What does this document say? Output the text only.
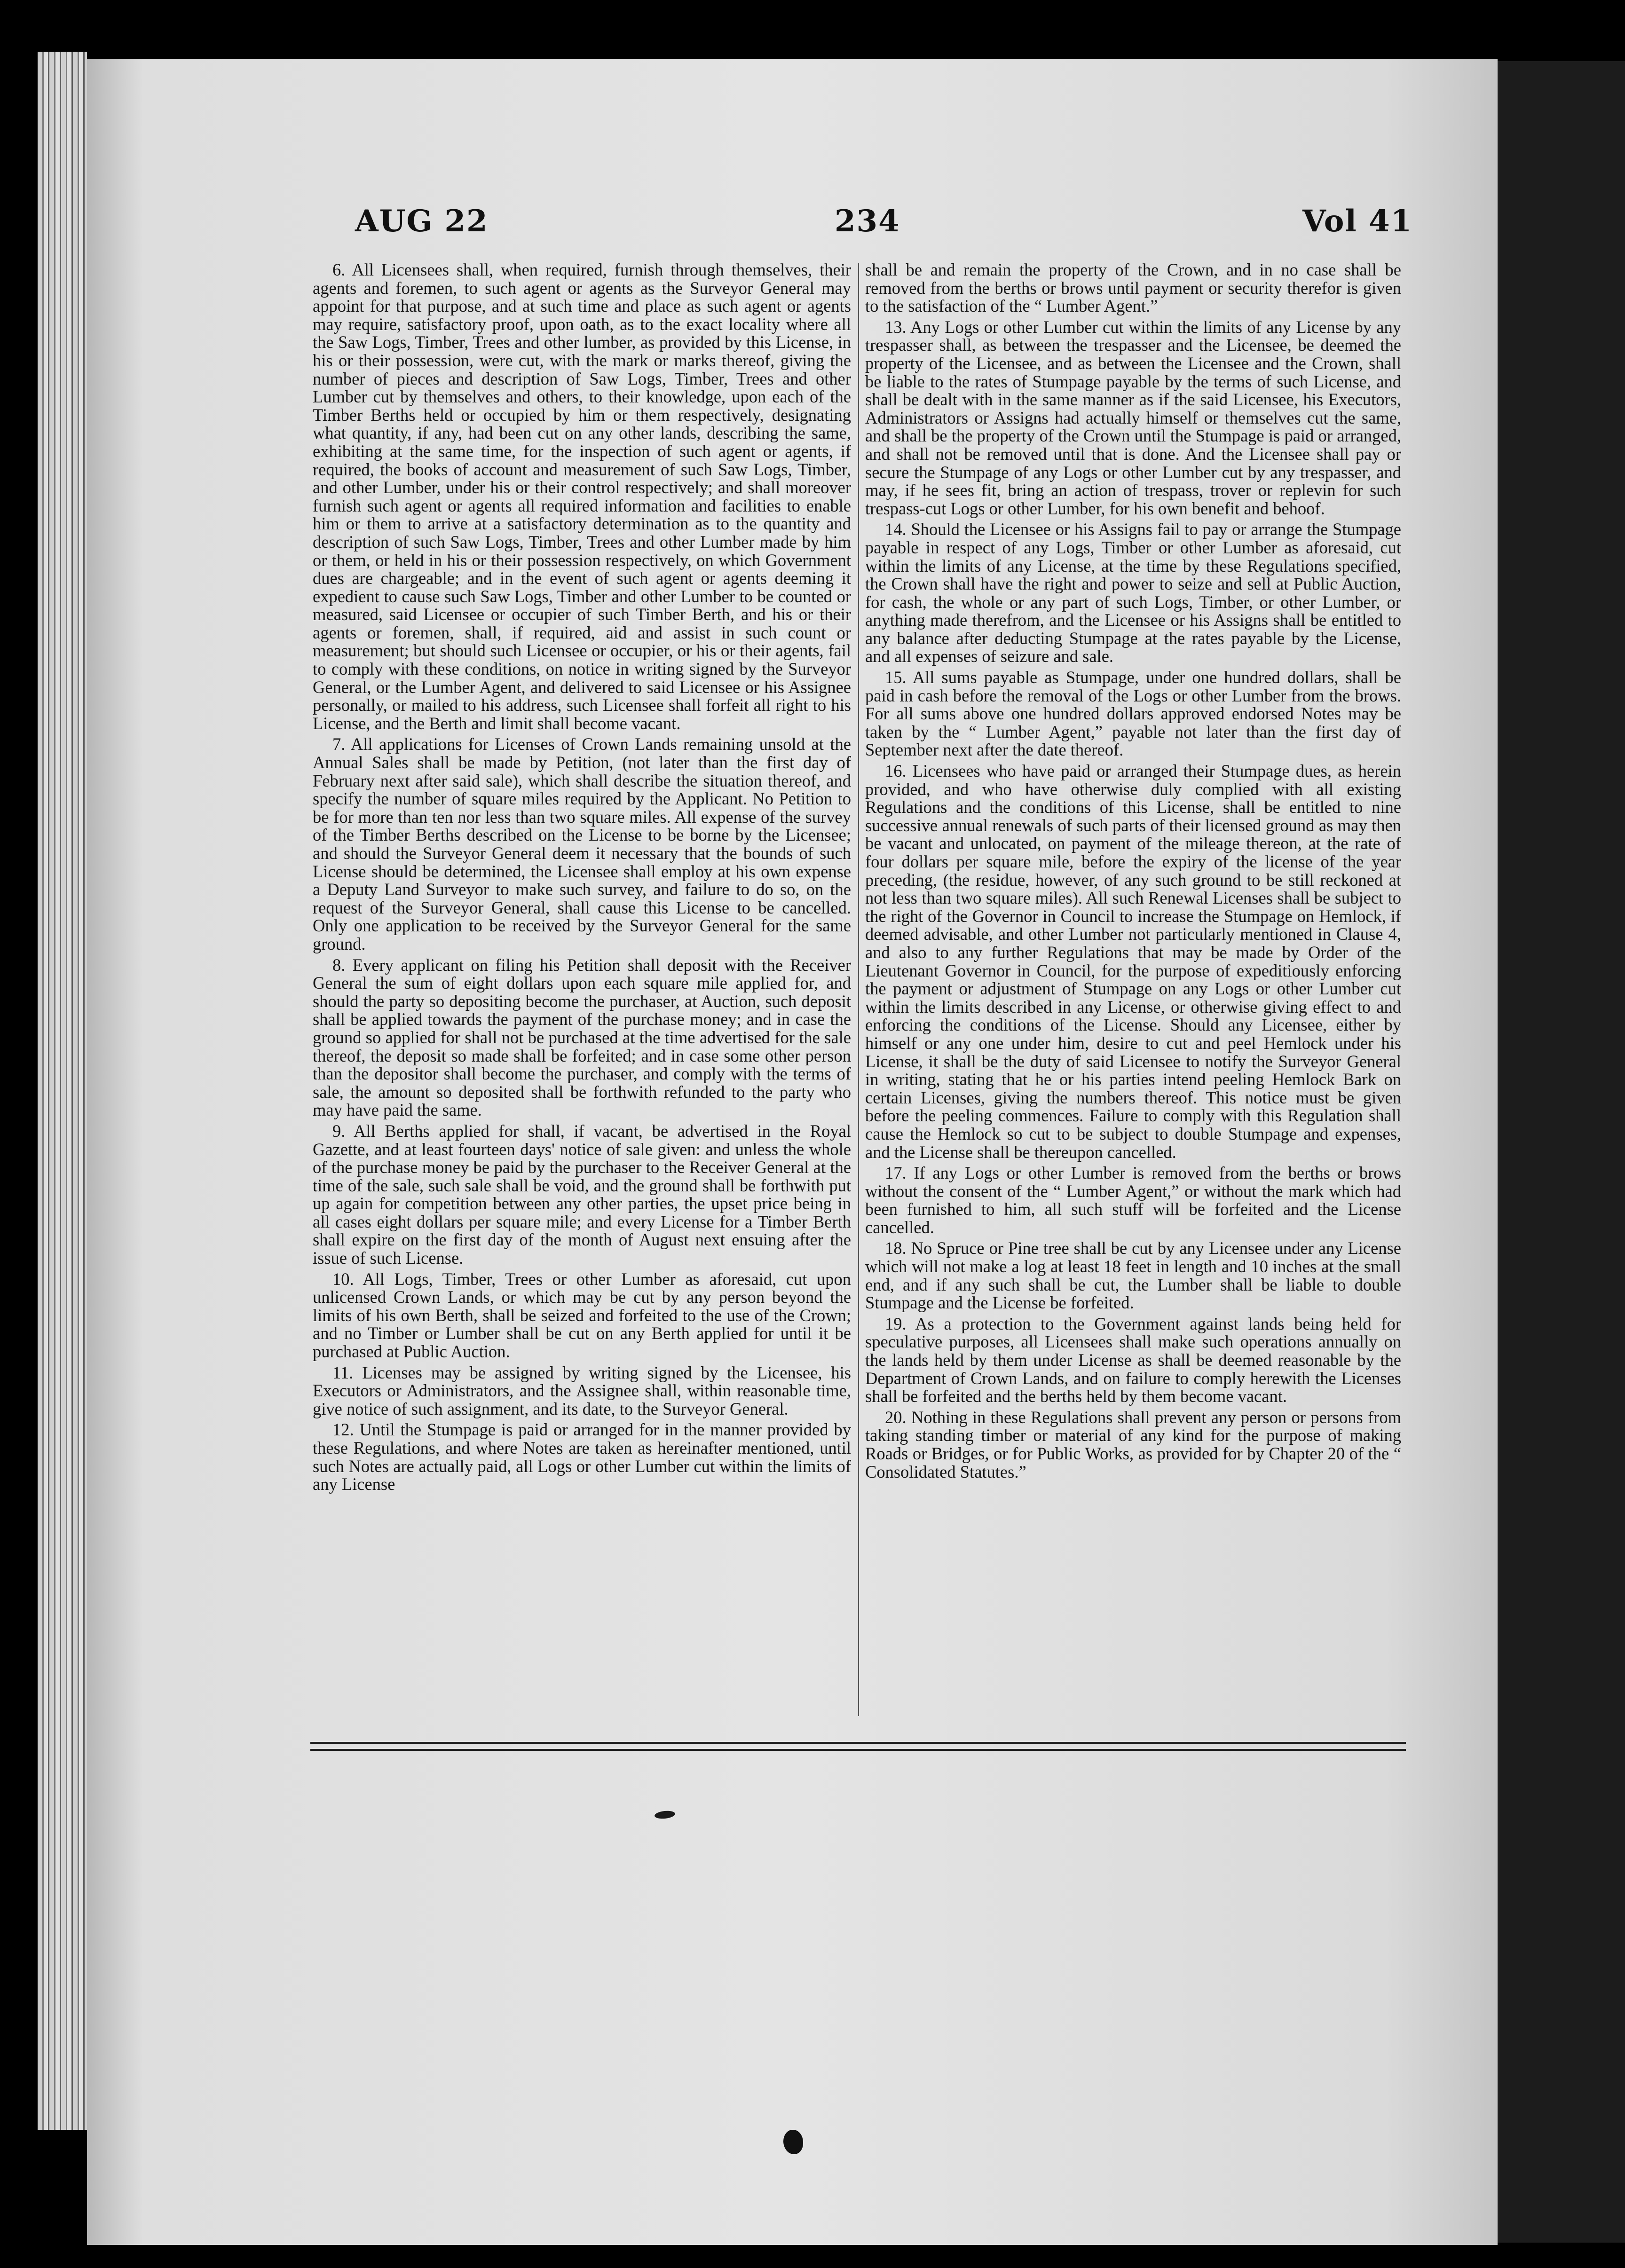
AUG 22	234	Vol 41

6. All Licensees shall, when required, furnish through themselves, their agents and foremen, to such agent or agents as the Surveyor General may appoint for that purpose, and at such time and place as such agent or agents may require, satisfactory proof, upon oath, as to the exact locality where all the Saw Logs, Timber, Trees and other lumber, as provided by this License, in his or their possession, were cut, with the mark or marks thereof, giving the number of pieces and description of Saw Logs, Timber, Trees and other Lumber cut by themselves and others, to their knowledge, upon each of the Timber Berths held or occupied by him or them respectively, designating what quantity, if any, had been cut on any other lands, describing the same, exhibiting at the same time, for the inspection of such agent or agents, if required, the books of account and measurement of such Saw Logs, Timber, and other Lumber, under his or their control respectively; and shall moreover furnish such agent or agents all required information and facilities to enable him or them to arrive at a satisfactory determination as to the quantity and description of such Saw Logs, Timber, Trees and other Lumber made by him or them, or held in his or their possession respectively, on which Government dues are chargeable; and in the event of such agent or agents deeming it expedient to cause such Saw Logs, Timber and other Lumber to be counted or measured, said Licensee or occupier of such Timber Berth, and his or their agents or foremen, shall, if required, aid and assist in such count or measurement; but should such Licensee or occupier, or his or their agents, fail to comply with these conditions, on notice in writing signed by the Surveyor General, or the Lumber Agent, and delivered to said Licensee or his Assignee personally, or mailed to his address, such Licensee shall forfeit all right to his License, and the Berth and limit shall become vacant.

7. All applications for Licenses of Crown Lands remaining unsold at the Annual Sales shall be made by Petition, (not later than the first day of February next after said sale), which shall describe the situation thereof, and specify the number of square miles required by the Applicant. No Petition to be for more than ten nor less than two square miles. All expense of the survey of the Timber Berths described on the License to be borne by the Licensee; and should the Surveyor General deem it necessary that the bounds of such License should be determined, the Licensee shall employ at his own expense a Deputy Land Surveyor to make such survey, and failure to do so, on the request of the Surveyor General, shall cause this License to be cancelled. Only one application to be received by the Surveyor General for the same ground.

8. Every applicant on filing his Petition shall deposit with the Receiver General the sum of eight dollars upon each square mile applied for, and should the party so depositing become the purchaser, at Auction, such deposit shall be applied towards the payment of the purchase money; and in case the ground so applied for shall not be purchased at the time advertised for the sale thereof, the deposit so made shall be forfeited; and in case some other person than the depositor shall become the purchaser, and comply with the terms of sale, the amount so deposited shall be forthwith refunded to the party who may have paid the same.

9. All Berths applied for shall, if vacant, be advertised in the Royal Gazette, and at least fourteen days' notice of sale given: and unless the whole of the purchase money be paid by the purchaser to the Receiver General at the time of the sale, such sale shall be void, and the ground shall be forthwith put up again for competition between any other parties, the upset price being in all cases eight dollars per square mile; and every License for a Timber Berth shall expire on the first day of the month of August next ensuing after the issue of such License.

10. All Logs, Timber, Trees or other Lumber as aforesaid, cut upon unlicensed Crown Lands, or which may be cut by any person beyond the limits of his own Berth, shall be seized and forfeited to the use of the Crown; and no Timber or Lumber shall be cut on any Berth applied for until it be purchased at Public Auction.

11. Licenses may be assigned by writing signed by the Licensee, his Executors or Administrators, and the Assignee shall, within reasonable time, give notice of such assignment, and its date, to the Surveyor General.

12. Until the Stumpage is paid or arranged for in the manner provided by these Regulations, and where Notes are taken as hereinafter mentioned, until such Notes are actually paid, all Logs or other Lumber cut within the limits of any License

shall be and remain the property of the Crown, and in no case shall be removed from the berths or brows until payment or security therefor is given to the satisfaction of the “ Lumber Agent.”

13. Any Logs or other Lumber cut within the limits of any License by any trespasser shall, as between the trespasser and the Licensee, be deemed the property of the Licensee, and as between the Licensee and the Crown, shall be liable to the rates of Stumpage payable by the terms of such License, and shall be dealt with in the same manner as if the said Licensee, his Executors, Administrators or Assigns had actually himself or themselves cut the same, and shall be the property of the Crown until the Stumpage is paid or arranged, and shall not be removed until that is done. And the Licensee shall pay or secure the Stumpage of any Logs or other Lumber cut by any trespasser, and may, if he sees fit, bring an action of trespass, trover or replevin for such trespass-cut Logs or other Lumber, for his own benefit and behoof.

14. Should the Licensee or his Assigns fail to pay or arrange the Stumpage payable in respect of any Logs, Timber or other Lumber as aforesaid, cut within the limits of any License, at the time by these Regulations specified, the Crown shall have the right and power to seize and sell at Public Auction, for cash, the whole or any part of such Logs, Timber, or other Lumber, or anything made therefrom, and the Licensee or his Assigns shall be entitled to any balance after deducting Stumpage at the rates payable by the License, and all expenses of seizure and sale.

15. All sums payable as Stumpage, under one hundred dollars, shall be paid in cash before the removal of the Logs or other Lumber from the brows. For all sums above one hundred dollars approved endorsed Notes may be taken by the “ Lumber Agent,” payable not later than the first day of September next after the date thereof.

16. Licensees who have paid or arranged their Stumpage dues, as herein provided, and who have otherwise duly complied with all existing Regulations and the conditions of this License, shall be entitled to nine successive annual renewals of such parts of their licensed ground as may then be vacant and unlocated, on payment of the mileage thereon, at the rate of four dollars per square mile, before the expiry of the license of the year preceding, (the residue, however, of any such ground to be still reckoned at not less than two square miles). All such Renewal Licenses shall be subject to the right of the Governor in Council to increase the Stumpage on Hemlock, if deemed advisable, and other Lumber not particularly mentioned in Clause 4, and also to any further Regulations that may be made by Order of the Lieutenant Governor in Council, for the purpose of expeditiously enforcing the payment or adjustment of Stumpage on any Logs or other Lumber cut within the limits described in any License, or otherwise giving effect to and enforcing the conditions of the License. Should any Licensee, either by himself or any one under him, desire to cut and peel Hemlock under his License, it shall be the duty of said Licensee to notify the Surveyor General in writing, stating that he or his parties intend peeling Hemlock Bark on certain Licenses, giving the numbers thereof. This notice must be given before the peeling commences. Failure to comply with this Regulation shall cause the Hemlock so cut to be subject to double Stumpage and expenses, and the License shall be thereupon cancelled.

17. If any Logs or other Lumber is removed from the berths or brows without the consent of the “ Lumber Agent,” or without the mark which had been furnished to him, all such stuff will be forfeited and the License cancelled.

18. No Spruce or Pine tree shall be cut by any Licensee under any License which will not make a log at least 18 feet in length and 10 inches at the small end, and if any such shall be cut, the Lumber shall be liable to double Stumpage and the License be forfeited.

19. As a protection to the Government against lands being held for speculative purposes, all Licensees shall make such operations annually on the lands held by them under License as shall be deemed reasonable by the Department of Crown Lands, and on failure to comply herewith the Licenses shall be forfeited and the berths held by them become vacant.

20. Nothing in these Regulations shall prevent any person or persons from taking standing timber or material of any kind for the purpose of making Roads or Bridges, or for Public Works, as provided for by Chapter 20 of the “ Consolidated Statutes.”
